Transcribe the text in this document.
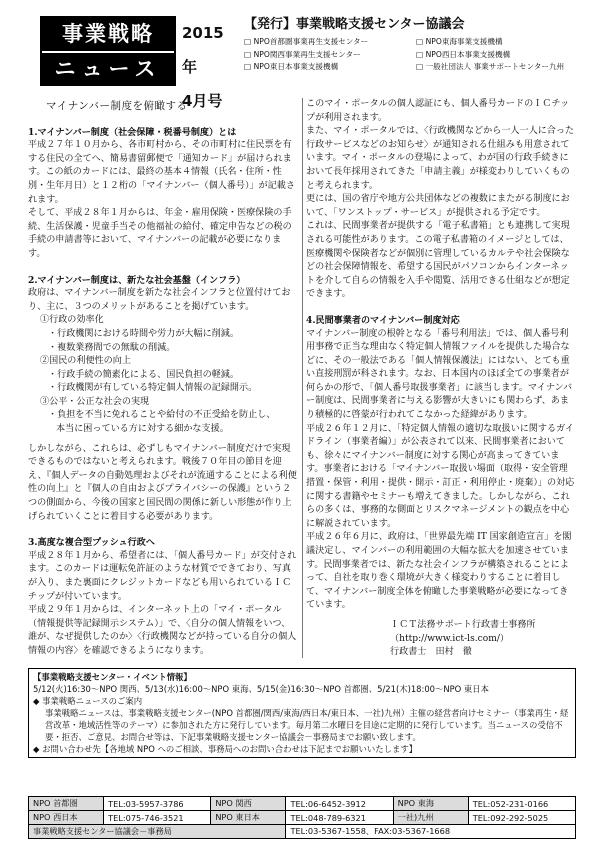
事業戦略
ニュース
2015年
4月号
【発行】事業戦略支援センター協議会
□ NPO首都圏事業再生支援センター	□ NPO東海事業支援機構
□ NPO関西事業再生支援センター	□ NPO西日本事業支援機構
□ NPO東日本事業支援機構	□ 一般社団法人 事業サポートセンター九州
マイナンバー制度を俯瞰する
1.マイナンバー制度（社会保障・税番号制度）とは
平成２７年１０月から、各市町村から、その市町村に住民票を有する住民の全てへ、簡易書留郵便で「通知カード」が届けられます。この紙のカードには、最終の基本４情報（氏名・住所・性別・生年月日）と１２桁の「マイナンバー（個人番号）」が記載されます。
そして、平成２８年１月からは、年金・雇用保険・医療保険の手続、生活保護・児童手当その他福祉の給付、確定申告などの税の手続の申請書等において、マイナンバーの記載が必要になります。
2.マイナンバー制度は、新たな社会基盤（インフラ）
政府は、マイナンバー制度を新たな社会インフラと位置付けており、主に、３つのメリットがあることを掲げています。
①行政の効率化
・行政機関における時間や労力が大幅に削減。
・複数業務間での無駄の削減。
②国民の利便性の向上
・行政手続の簡素化による、国民負担の軽減。
・行政機関が有している特定個人情報の記録開示。
③公平・公正な社会の実現
・負担を不当に免れることや給付の不正受給を防止し、
本当に困っている方に対する細かな支援。
しかしながら、これらは、必ずしもマイナンバー制度だけで実現できるものではないと考えられます。戦後７０年目の節目を迎え、『個人データの自動処理およびそれが流通することによる利便性の向上』と『個人の自由およびプライバシーの保護』という２つの側面から、今後の国家と国民間の関係に新しい形態が作り上げられていくことに着目する必要があります。
3.高度な複合型プッシュ行政へ
平成２８年１月から、希望者には、「個人番号カード」が交付されます。このカードは運転免許証のような材質でできており、写真が入り、また裏面にクレジットカードなども用いられているＩＣチップが付いています。
平成２９年１月からは、インターネット上の「マイ・ポータル（情報提供等記録開示システム）」で、〈自分の個人情報をいつ、誰が、なぜ提供したのか〉〈行政機関などが持っている自分の個人情報の内容〉を確認できるようになります。
このマイ・ポータルの個人認証にも、個人番号カードのＩＣチップが利用されます。
また、マイ・ポータルでは、〈行政機関などから一人一人に合った行政サービスなどのお知らせ〉が通知される仕組みも用意されています。マイ・ポータルの登場によって、わが国の行政手続きにおいて長年採用されてきた「申請主義」が様変わりしていくものと考えられます。
更には、国の省庁や地方公共団体などの複数にまたがる制度において、「ワンストップ・サービス」が提供される予定です。
これは、民間事業者が提供する「電子私書箱」とも連携して実現される可能性があります。この電子私書箱のイメージとしては、医療機関や保険者などが個別に管理しているカルテや社会保険などの社会保障情報を、希望する国民がパソコンからインターネットを介して自らの情報を入手や閲覧、活用できる仕組などが想定できます。
4.民間事業者のマイナンバー制度対応
マイナンバー制度の根幹となる「番号利用法」では、個人番号利用事務で正当な理由なく特定個人情報ファイルを提供した場合などに、その一般法である「個人情報保護法」にはない、とても重い直接刑罰が科されます。なお、日本国内のほぼ全ての事業者が何らかの形で、「個人番号取扱事業者」に該当します。マイナンバー制度は、民間事業者に与える影響が大きいにも関わらず、あまり積極的に啓蒙が行われてこなかった経緯があります。
平成２６年１２月に、「特定個人情報の適切な取扱いに関するガイドライン（事業者編）」が公表されて以来、民間事業者においても、徐々にマイナンバー制度に対する関心が高まってきています。事業者における「マイナンバー取扱い場面（取得・安全管理措置・保管・利用・提供・開示・訂正・利用停止・廃棄）」の対応に関する書籍やセミナーも増えてきました。しかしながら、これらの多くは、事務的な側面とリスクマネージメントの観点を中心に解説されています。
平成２６年６月に、政府は、「世界最先端 IT 国家創造宣言」を閣議決定し、マインバーの利用範囲の大幅な拡大を加速させています。民間事業者では、新たな社会インフラが構築されることによって、自社を取り巻く環境が大きく様変わりすることに着目して、マイナンバー制度全体を俯瞰した事業戦略が必要になってきています。
ＩＣＴ法務サポート行政書士事務所
（http://www.ict-ls.com/）
行政書士　田村　徹
【事業戦略支援センター・イベント情報】
5/12(火)16:30～NPO 関西、5/13(水)16:00～NPO 東海、5/15(金)16:30～NPO 首都圏、5/21(木)18:00～NPO 東日本
◆ 事業戦略ニュースのご案内
事業戦略ニュースは、事業戦略支援センター(NPO 首都圏/関西/東海/西日本/東日本、一社)九州）主催の経営者向けセミナー（事業再生・経営改革・地域活性等のテーマ）に参加された方に発行しています。毎月第二水曜日を目途に定期的に発行しています。当ニュースの受信不要・拒否、ご意見、お問合せ等は、下記事業戦略支援センター協議会－事務局までお願い致します。
◆ お問い合わせ先【各地域 NPO へのご相談、事務局へのお問い合わせは下記までお願いいたします】
NPO 首都圏	TEL:03-5957-3786	NPO 関西	TEL:06-6452-3912	NPO 東海	TEL:052-231-0166
NPO 西日本	TEL:075-746-3521	NPO 東日本	TEL:048-789-6321	一社)九州	TEL:092-292-5025
事業戦略支援センター協議会－事務局			TEL:03-5367-1558、FAX:03-5367-1668		
